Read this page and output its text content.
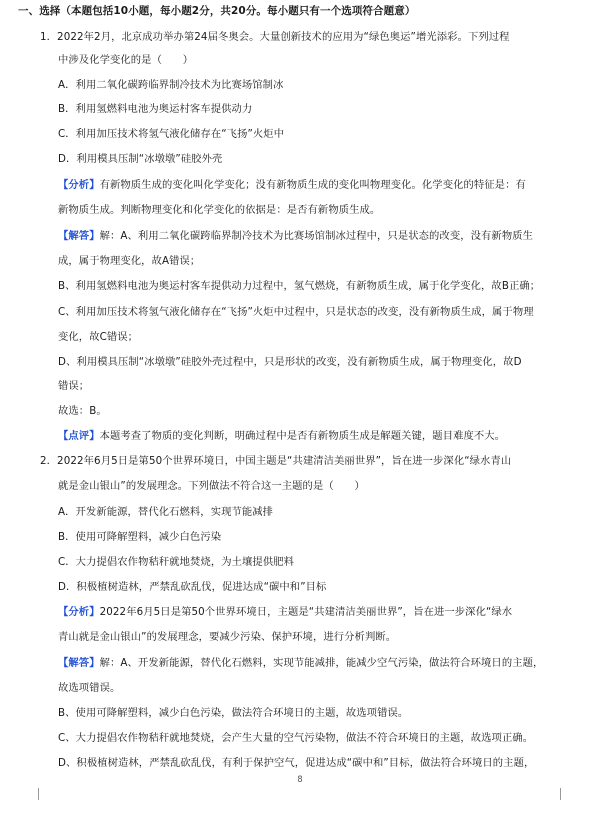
一、选择（本题包括10小题，每小题2分，共20分。每小题只有一个选项符合题意）
1．2022年2月，北京成功举办第24届冬奥会。大量创新技术的应用为“绿色奥运”增光添彩。下列过程
中涉及化学变化的是（　　）
A．利用二氧化碳跨临界制冷技术为比赛场馆制冰
B．利用氢燃料电池为奥运村客车提供动力
C．利用加压技术将氢气液化储存在“飞扬”火炬中
D．利用模具压制“冰墩墩”硅胶外壳
【分析】有新物质生成的变化叫化学变化；没有新物质生成的变化叫物理变化。化学变化的特征是：有
新物质生成。判断物理变化和化学变化的依据是：是否有新物质生成。
【解答】解：A、利用二氧化碳跨临界制冷技术为比赛场馆制冰过程中，只是状态的改变，没有新物质生
成，属于物理变化，故A错误；
B、利用氢燃料电池为奥运村客车提供动力过程中，氢气燃烧，有新物质生成，属于化学变化，故B正确；
C、利用加压技术将氢气液化储存在“飞扬”火炬中过程中，只是状态的改变，没有新物质生成，属于物理
变化，故C错误；
D、利用模具压制“冰墩墩”硅胶外壳过程中，只是形状的改变，没有新物质生成，属于物理变化，故D
错误；
故选：B。
【点评】本题考查了物质的变化判断，明确过程中是否有新物质生成是解题关键，题目难度不大。
2．2022年6月5日是第50个世界环境日，中国主题是“共建清洁美丽世界”，旨在进一步深化“绿水青山
就是金山银山”的发展理念。下列做法不符合这一主题的是（　　）
A．开发新能源，替代化石燃料，实现节能减排
B．使用可降解塑料，减少白色污染
C．大力提倡农作物秸秆就地焚烧，为土壤提供肥料
D．积极植树造林，严禁乱砍乱伐，促进达成“碳中和”目标
【分析】2022年6月5日是第50个世界环境日，主题是“共建清洁美丽世界”，旨在进一步深化“绿水
青山就是金山银山”的发展理念，要减少污染、保护环境，进行分析判断。
【解答】解：A、开发新能源，替代化石燃料，实现节能减排，能减少空气污染，做法符合环境日的主题，
故选项错误。
B、使用可降解塑料，减少白色污染，做法符合环境日的主题，故选项错误。
C、大力提倡农作物秸秆就地焚烧，会产生大量的空气污染物，做法不符合环境日的主题，故选项正确。
D、积极植树造林，严禁乱砍乱伐，有利于保护空气，促进达成“碳中和”目标，做法符合环境日的主题，
8
